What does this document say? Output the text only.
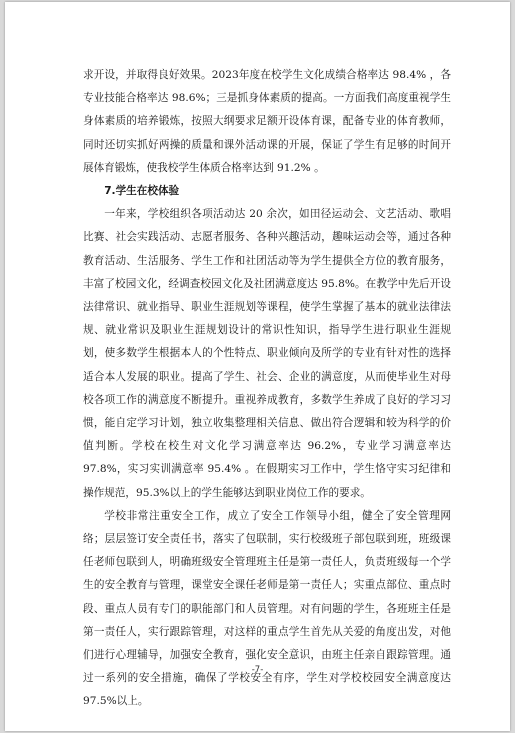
求开设，并取得良好效果。2023年度在校学生文化成绩合格率达 98.4% ，各专业技能合格率达 98.6%；三是抓身体素质的提高。一方面我们高度重视学生身体素质的培养锻炼，按照大纲要求足额开设体育课，配备专业的体育教师，同时还切实抓好两操的质量和课外活动课的开展，保证了学生有足够的时间开展体育锻炼，使我校学生体质合格率达到 91.2% 。

7.学生在校体验

一年来，学校组织各项活动达 20 余次，如田径运动会、文艺活动、歌唱比赛、社会实践活动、志愿者服务、各种兴趣活动，趣味运动会等，通过各种教育活动、生活服务、学生工作和社团活动等为学生提供全方位的教育服务，丰富了校园文化，经调查校园文化及社团满意度达 95.8%。在教学中先后开设法律常识、就业指导、职业生涯规划等课程，使学生掌握了基本的就业法律法规、就业常识及职业生涯规划设计的常识性知识，指导学生进行职业生涯规划，使多数学生根据本人的个性特点、职业倾向及所学的专业有针对性的选择适合本人发展的职业。提高了学生、社会、企业的满意度，从而使毕业生对母校各项工作的满意度不断提升。重视养成教育，多数学生养成了良好的学习习惯，能自定学习计划，独立收集整理相关信息、做出符合逻辑和较为科学的价值判断。学校在校生对文化学习满意率达 96.2%，专业学习满意率达 97.8%，实习实训满意率 95.4% 。在假期实习工作中，学生恪守实习纪律和操作规范，95.3%以上的学生能够达到职业岗位工作的要求。

学校非常注重安全工作，成立了安全工作领导小组，健全了安全管理网络；层层签订安全责任书，落实了包联制，实行校级班子部包联到班，班级课任老师包联到人，明确班级安全管理班主任是第一责任人，负责班级每一个学生的安全教育与管理，课堂安全课任老师是第一责任人；实重点部位、重点时段、重点人员有专门的职能部门和人员管理。对有问题的学生，各班班主任是第一责任人，实行跟踪管理，对这样的重点学生首先从关爱的角度出发，对他们进行心理辅导，加强安全教育，强化安全意识，由班主任亲自跟踪管理。通过一系列的安全措施，确保了学校安全有序，学生对学校校园安全满意度达 97.5%以上。

-7-
